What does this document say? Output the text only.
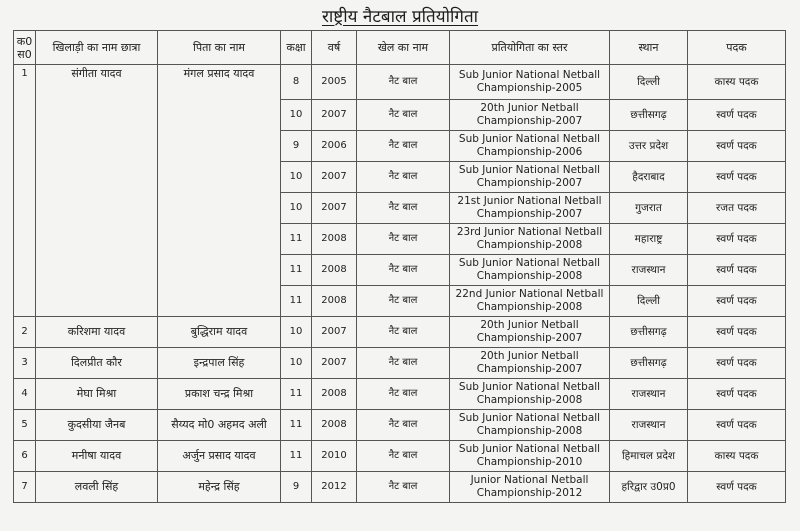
राष्ट्रीय नैटबाल प्रतियोगिता
क0 स0	खिलाड़ी का नाम छात्रा	पिता का नाम	कक्षा	वर्ष	खेल का नाम	प्रतियोगिता का स्तर	स्थान	पदक
1	संगीता यादव	मंगल प्रसाद यादव	8	2005	नैट बाल	Sub Junior National Netball Championship-2005	दिल्ली	कास्य पदक
			10	2007	नैट बाल	20th Junior Netball Championship-2007	छत्तीसगढ़	स्वर्ण पदक
			9	2006	नैट बाल	Sub Junior National Netball Championship-2006	उत्तर प्रदेश	स्वर्ण पदक
			10	2007	नैट बाल	Sub Junior National Netball Championship-2007	हैदराबाद	स्वर्ण पदक
			10	2007	नैट बाल	21st Junior National Netball Championship-2007	गुजरात	रजत पदक
			11	2008	नैट बाल	23rd Junior National Netball Championship-2008	महाराष्ट्र	स्वर्ण पदक
			11	2008	नैट बाल	Sub Junior National Netball Championship-2008	राजस्थान	स्वर्ण पदक
			11	2008	नैट बाल	22nd Junior National Netball Championship-2008	दिल्ली	स्वर्ण पदक
2	करिशमा यादव	बुद्धिराम यादव	10	2007	नैट बाल	20th Junior Netball Championship-2007	छत्तीसगढ़	स्वर्ण पदक
3	दिलप्रीत कौर	इन्द्रपाल सिंह	10	2007	नैट बाल	20th Junior Netball Championship-2007	छत्तीसगढ़	स्वर्ण पदक
4	मेघा मिश्रा	प्रकाश चन्द्र मिश्रा	11	2008	नैट बाल	Sub Junior National Netball Championship-2008	राजस्थान	स्वर्ण पदक
5	कुदसीया जैनब	सैय्यद मो0 अहमद अली	11	2008	नैट बाल	Sub Junior National Netball Championship-2008	राजस्थान	स्वर्ण पदक
6	मनीषा यादव	अर्जुन प्रसाद यादव	11	2010	नैट बाल	Sub Junior National Netball Championship-2010	हिमाचल प्रदेश	कास्य पदक
7	लवली सिंह	महेन्द्र सिंह	9	2012	नैट बाल	Junior National Netball Championship-2012	हरिद्वार उ0प्र0	स्वर्ण पदक
